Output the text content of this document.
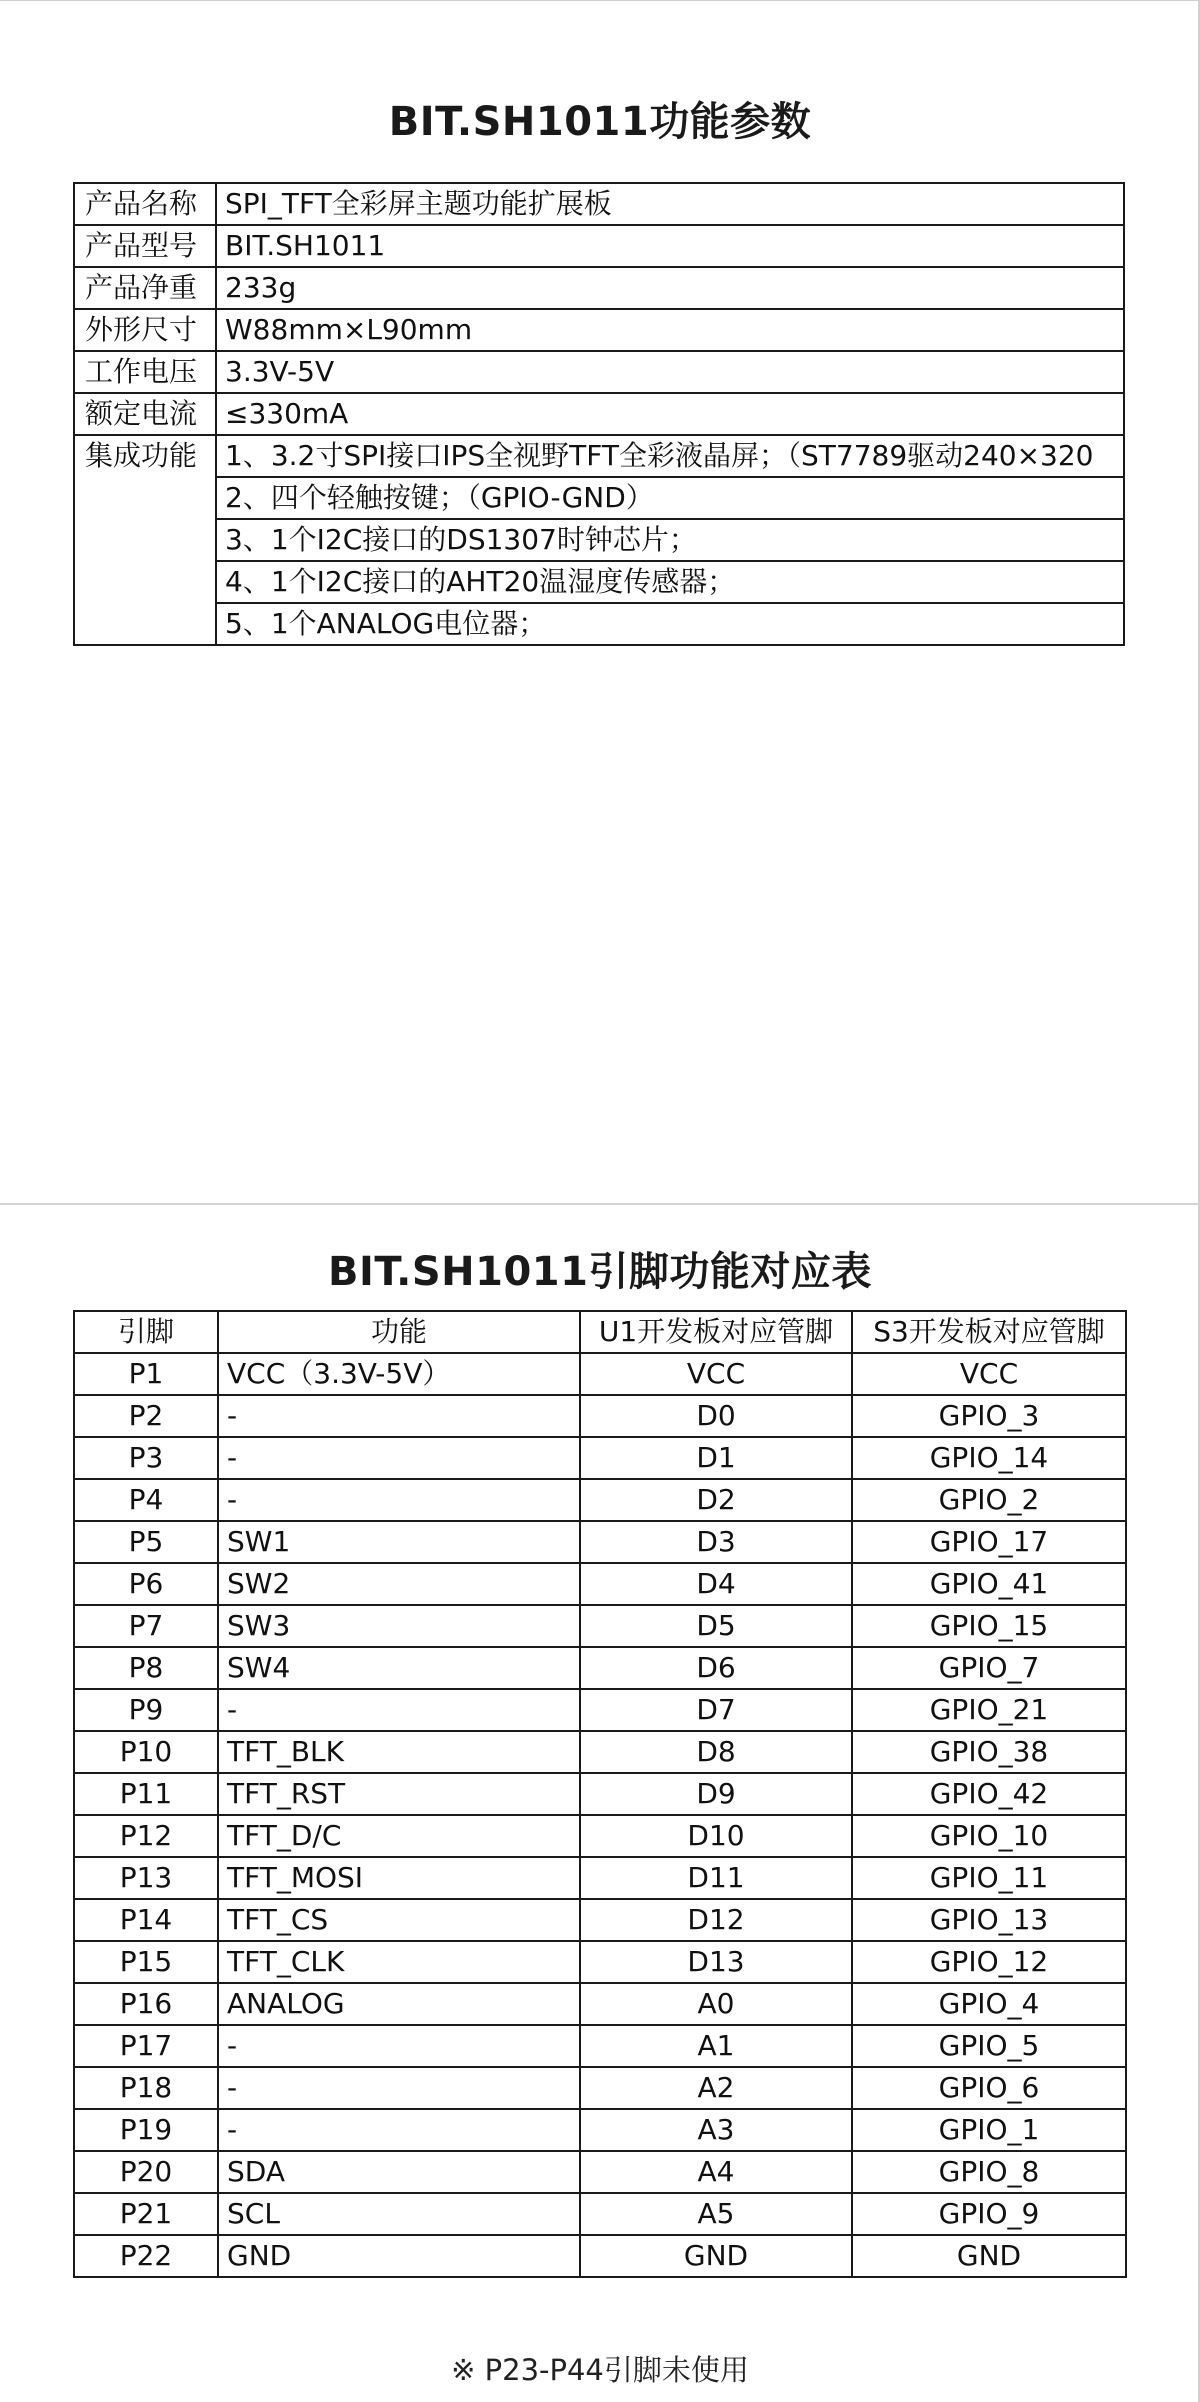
BIT.SH1011功能参数
产品名称	SPI_TFT全彩屏主题功能扩展板
产品型号	BIT.SH1011
产品净重	233g
外形尺寸	W88mm×L90mm
工作电压	3.3V-5V
额定电流	≤330mA
集成功能	1、3.2寸SPI接口IPS全视野TFT全彩液晶屏；（ST7789驱动240×320
	2、四个轻触按键；（GPIO-GND）
	3、1个I2C接口的DS1307时钟芯片；
	4、1个I2C接口的AHT20温湿度传感器；
	5、1个ANALOG电位器；
BIT.SH1011引脚功能对应表
引脚	功能	U1开发板对应管脚	S3开发板对应管脚
P1	VCC（3.3V-5V）	VCC	VCC
P2	-	D0	GPIO_3
P3	-	D1	GPIO_14
P4	-	D2	GPIO_2
P5	SW1	D3	GPIO_17
P6	SW2	D4	GPIO_41
P7	SW3	D5	GPIO_15
P8	SW4	D6	GPIO_7
P9	-	D7	GPIO_21
P10	TFT_BLK	D8	GPIO_38
P11	TFT_RST	D9	GPIO_42
P12	TFT_D/C	D10	GPIO_10
P13	TFT_MOSI	D11	GPIO_11
P14	TFT_CS	D12	GPIO_13
P15	TFT_CLK	D13	GPIO_12
P16	ANALOG	A0	GPIO_4
P17	-	A1	GPIO_5
P18	-	A2	GPIO_6
P19	-	A3	GPIO_1
P20	SDA	A4	GPIO_8
P21	SCL	A5	GPIO_9
P22	GND	GND	GND
※ P23-P44引脚未使用
